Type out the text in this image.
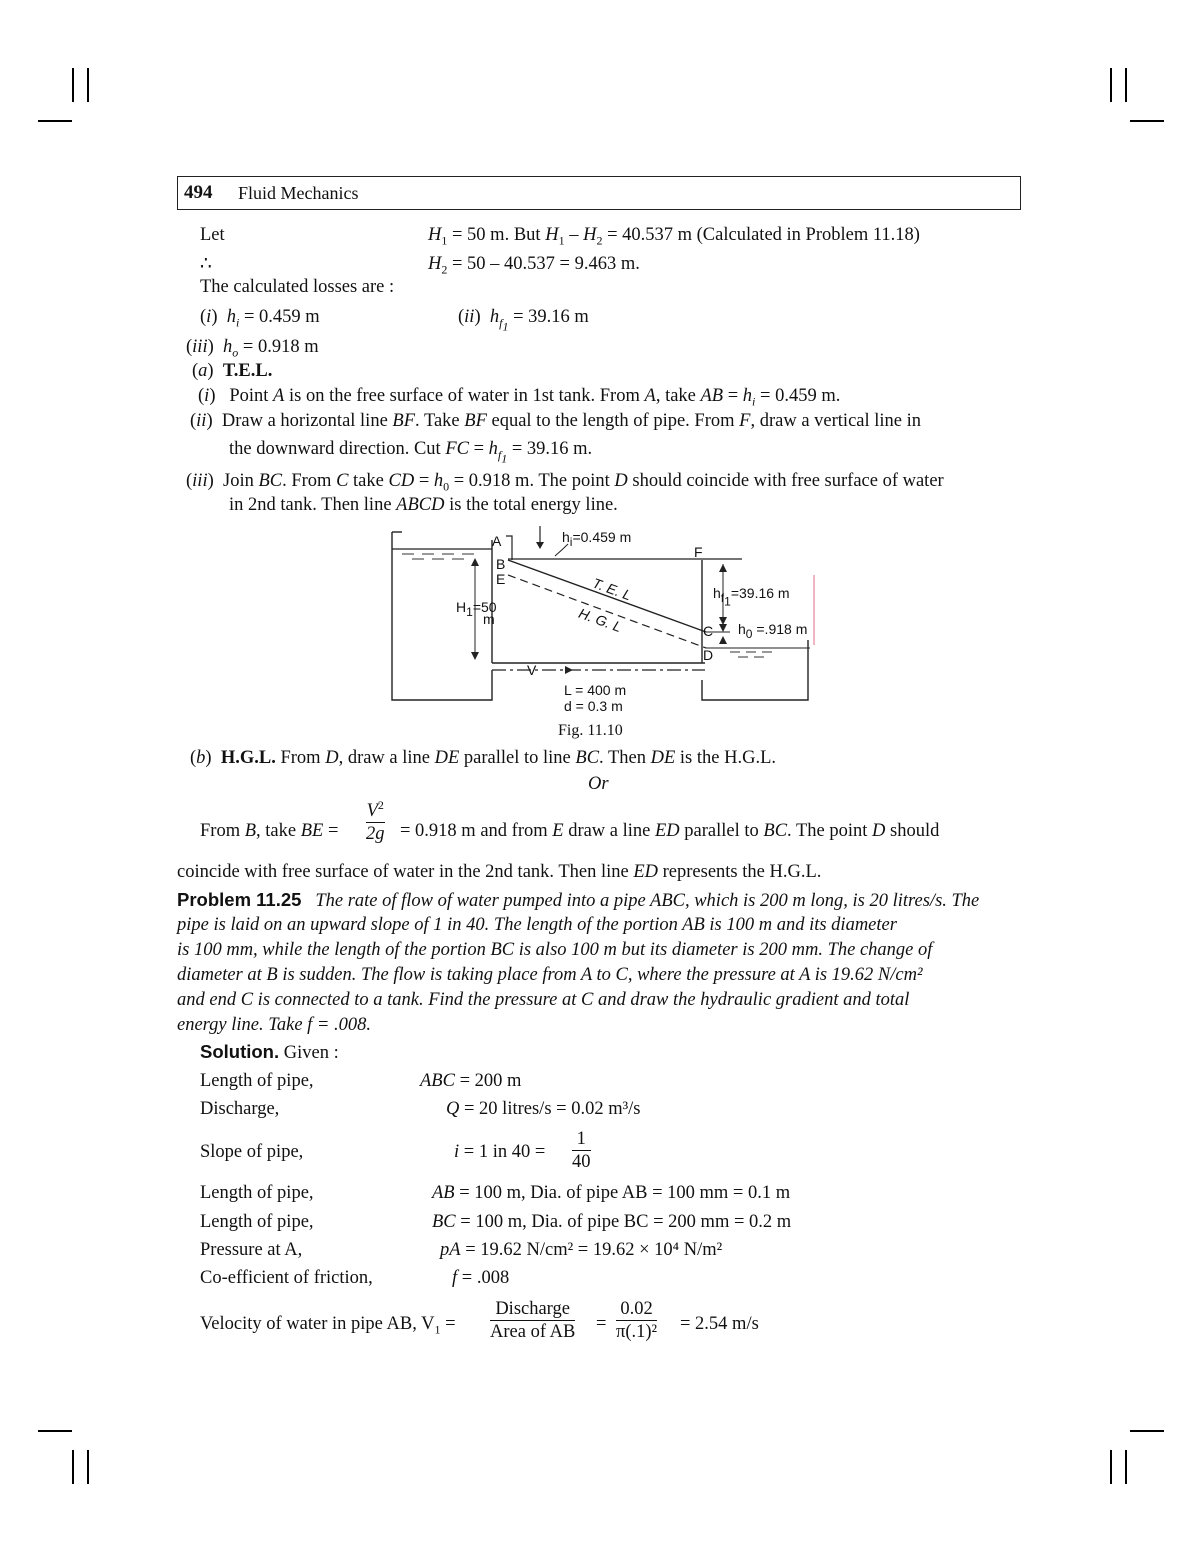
494 Fluid Mechanics
Let	$H_1 = 50$ m. But $H_1 - H_2 = 40.537$ m (Calculated in Problem 11.18)
∴	$H_2 = 50 - 40.537 = 9.463$ m.
The calculated losses are :
(i)  $h_i = 0.459$ m	(ii)  $h_{f_1} = 39.16$ m
(iii)  $h_o = 0.918$ m
(a)  T.E.L.
(i)   Point A is on the free surface of water in 1st tank. From A, take AB = $h_i = 0.459$ m.
(ii)  Draw a horizontal line BF. Take BF equal to the length of pipe. From F, draw a vertical line in
the downward direction. Cut FC = $h_{f_1} = 39.16$ m.
(iii)  Join BC. From C take CD = $h_0 = 0.918$ m. The point D should coincide with free surface of water
in 2nd tank. Then line ABCD is the total energy line.
A
B
E
F
C
D
$h_i=0.459$ m
$h_{f_1}=39.16$ m
$h_0 =.918$ m
$H_1=50$
m
T. E. L
H. G. L
V
L = 400 m
d = 0.3 m
Fig. 11.10
(b)  H.G.L. From D, draw a line DE parallel to line BC. Then DE is the H.G.L.
Or
From B, take BE = $\frac{V^2}{2g} = 0.918$ m and from E draw a line ED parallel to BC. The point D should
coincide with free surface of water in the 2nd tank. Then line ED represents the H.G.L.
Problem 11.25 The rate of flow of water pumped into a pipe ABC, which is 200 m long, is 20 litres/s. The
pipe is laid on an upward slope of 1 in 40. The length of the portion AB is 100 m and its diameter
is 100 mm, while the length of the portion BC is also 100 m but its diameter is 200 mm. The change of
diameter at B is sudden. The flow is taking place from A to C, where the pressure at A is 19.62 N/cm²
and end C is connected to a tank. Find the pressure at C and draw the hydraulic gradient and total
energy line. Take f = .008.
Solution. Given :
Length of pipe,	ABC = 200 m
Discharge,	Q = 20 litres/s = 0.02 m³/s
Slope of pipe,	i = 1 in $40 = \frac{1}{40}$
Length of pipe,	AB = 100 m, Dia. of pipe AB = 100 mm = 0.1 m
Length of pipe,	BC = 100 m, Dia. of pipe BC = 200 mm = 0.2 m
Pressure at A,	pA = 19.62 N/cm² = 19.62 × 10⁴ N/m²
Co-efficient of friction,	f = .008
Velocity of water in pipe AB, $V_1 = \frac{\text{Discharge}}{\text{Area of AB}} = \frac{0.02}{\text{π(.1)²}} = 2.54$ m/s
